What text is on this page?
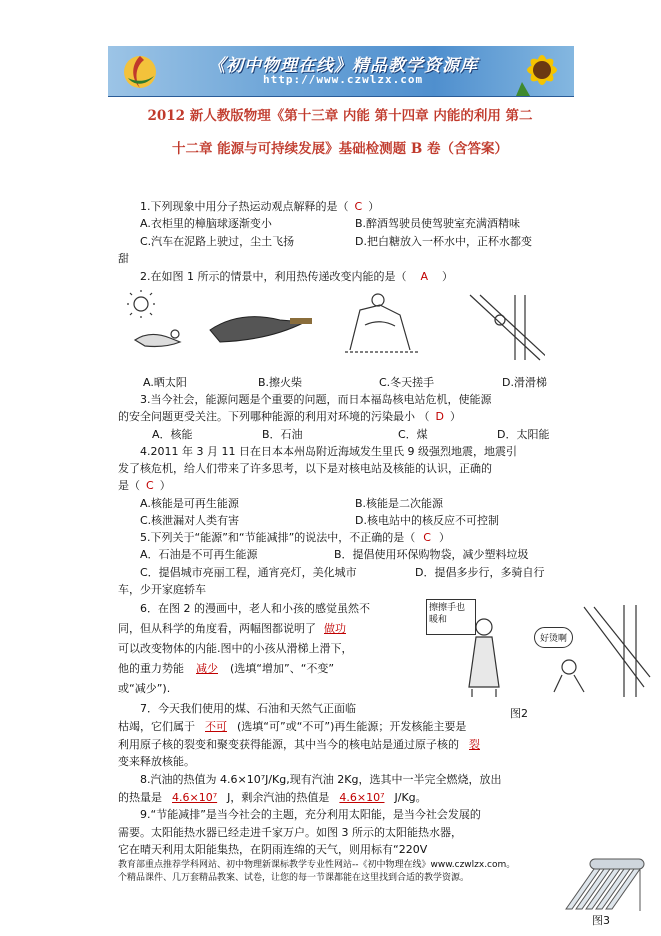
《初中物理在线》精品教学资源库
http://www.czwlzx.com
2012 新人教版物理《第十三章 内能 第十四章 内能的利用 第二
十二章 能源与可持续发展》基础检测题 B 卷（含答案）
1.下列现象中用分子热运动观点解释的是（ C ）
A.衣柜里的樟脑球逐渐变小	B.醉酒驾驶员使驾驶室充满酒精味
C.汽车在泥路上驶过，尘土飞扬	D.把白糖放入一杯水中，正杯水都变
甜
2.在如图 1 所示的情景中，利用热传递改变内能的是（ A ）
A.晒太阳	B.擦火柴	C.冬天搓手	D.滑滑梯
3.当今社会，能源问题是个重要的问题，而日本福岛核电站危机，使能源
的安全问题更受关注。下列哪种能源的利用对环境的污染最小 （ D ）
A．核能	B．石油	C．煤	D．太阳能
4.2011 年 3 月 11 日在日本本州岛附近海域发生里氏 9 级强烈地震，地震引
发了核危机，给人们带来了许多思考，以下是对核电站及核能的认识，正确的
是（ C ）
A.核能是可再生能源	B.核能是二次能源
C.核泄漏对人类有害	D.核电站中的核反应不可控制
5.下列关于“能源”和“节能减排”的说法中，不正确的是（ C ）
A．石油是不可再生能源	B．提倡使用环保购物袋，减少塑料垃圾
C．提倡城市亮丽工程，通宵亮灯，美化城市	D．提倡多步行，多骑自行
车，少开家庭轿车
6．在图 2 的漫画中，老人和小孩的感觉虽然不
同，但从科学的角度看，两幅图都说明了 做功
可以改变物体的内能.图中的小孩从滑梯上滑下，
他的重力势能 减少 (选填“增加”、“不变”
或“减少”).
擦擦手也暖和
好烫啊
图2
7．今天我们使用的煤、石油和天然气正面临
枯竭，它们属于 不可 (选填“可”或“不可”)再生能源；开发核能主要是
利用原子核的裂变和聚变获得能源，其中当今的核电站是通过原子核的 裂
变来释放核能。
8.汽油的热值为 4.6×10⁷J/Kg,现有汽油 2Kg，选其中一半完全燃烧，放出
的热量是 4.6×10⁷ J，剩余汽油的热值是 4.6×10⁷ J/Kg。
9.“节能减排”是当今社会的主题，充分利用太阳能，是当今社会发展的
需要。太阳能热水器已经走进千家万户。如图 3 所示的太阳能热水器，
它在晴天利用太阳能集热，在阴雨连绵的天气，则用标有“220V
教育部重点推荐学科网站、初中物理新课标教学专业性网站--《初中物理在线》www.czwlzx.com。
个精品课件、几万套精品教案、试卷，让您的每一节课都能在这里找到合适的教学资源。
图3
